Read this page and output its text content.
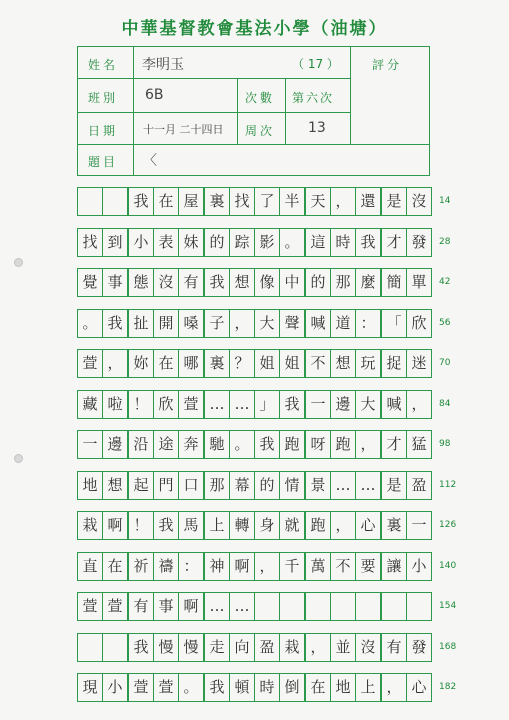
中華基督教會基法小學（油塘）
姓名 李明玉	（ 17 ）	評分
班別 6B	次數 第六次
日期 十一月 二十四日 周次 13
題目 〈
我 在 屋 裏 找 了 半 天 ， 還 是 沒	14
找 到 小 表 妹 的 踪 影 。 這 時 我 才 發	28
覺 事 態 沒 有 我 想 像 中 的 那 麼 簡 單	42
。 我 扯 開 嗓 子 ， 大 聲 喊 道 ： 「 欣	56
萱 ， 妳 在 哪 裏 ？ 姐 姐 不 想 玩 捉 迷	70
藏 啦 ！ 欣 萱 … … 」 我 一 邊 大 喊 ，	84
一 邊 沿 途 奔 馳 。 我 跑 呀 跑 ， 才 猛	98
地 想 起 門 口 那 幕 的 情 景 … … 是 盈	112
栽 啊 ！ 我 馬 上 轉 身 就 跑 ， 心 裏 一	126
直 在 祈 禱 ： 神 啊 ， 千 萬 不 要 讓 小	140
萱 萱 有 事 啊 … …	154
我 慢 慢 走 向 盈 栽 ， 並 沒 有 發	168
現 小 萱 萱 。 我 頓 時 倒 在 地 上 ， 心	182
